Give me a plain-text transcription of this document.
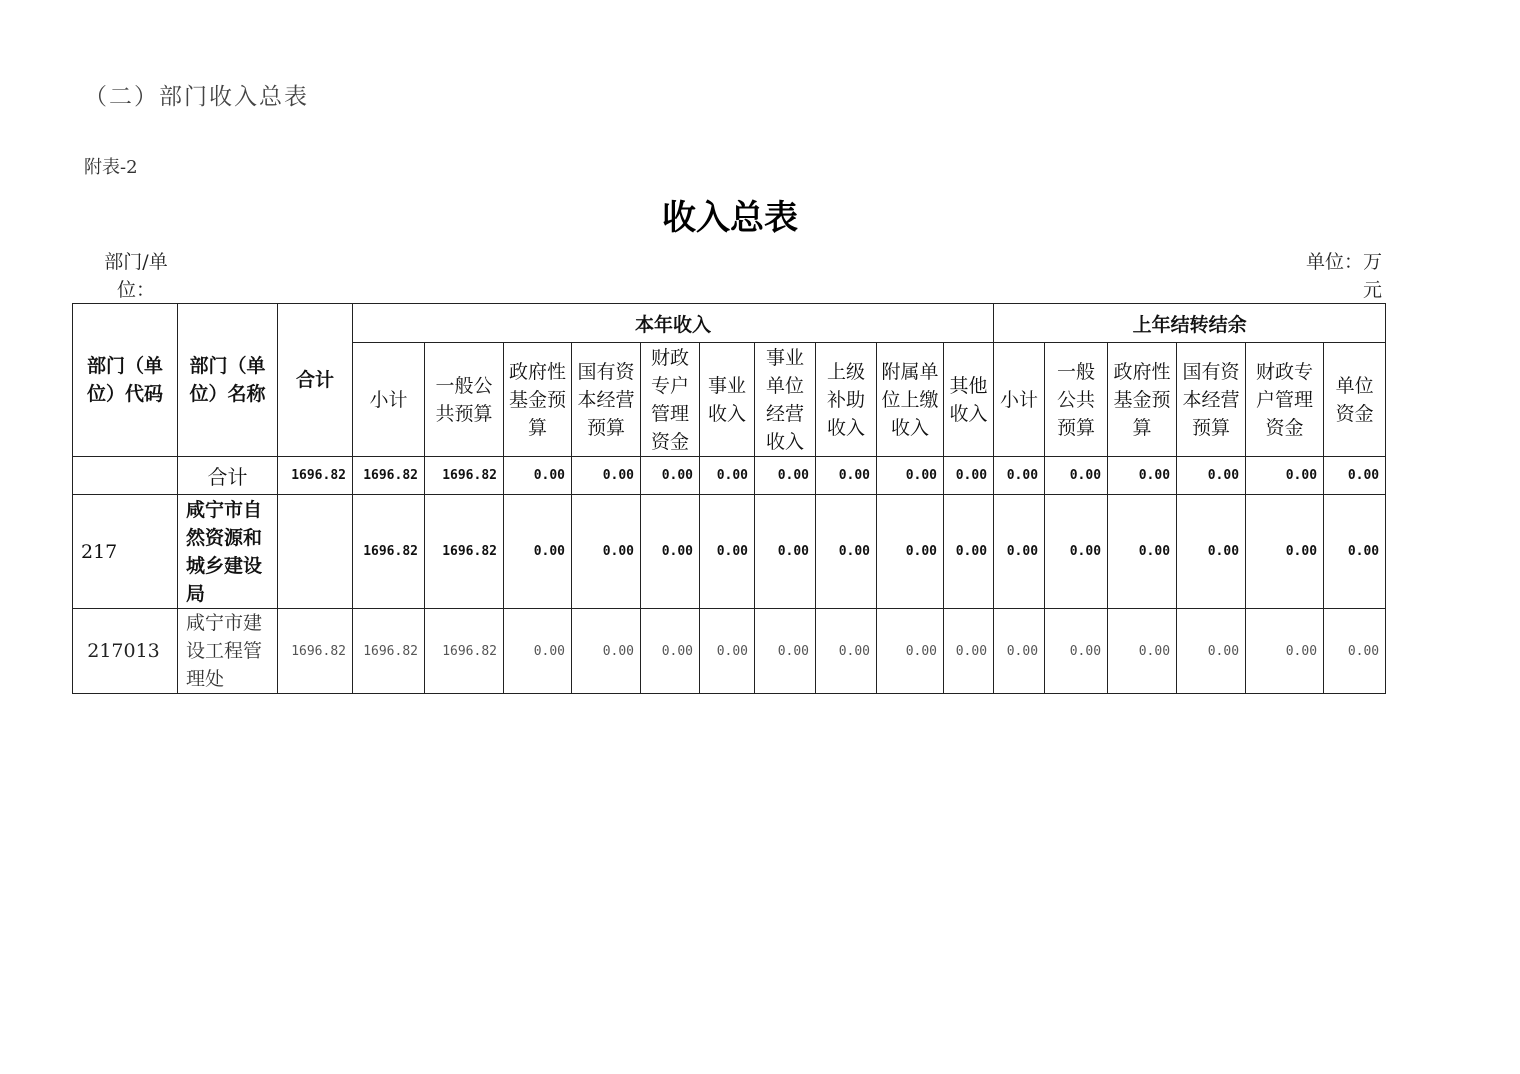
（二）部门收入总表
附表-2
收入总表
部门/单位：
单位：万元
部门（单位）代码	部门（单位）名称	合计	本年收入										上年结转结余					
			小计	一般公共预算	政府性基金预算	国有资本经营预算	财政专户管理资金	事业收入	事业单位经营收入	上级补助收入	附属单位上缴收入	其他收入	小计	一般公共预算	政府性基金预算	国有资本经营预算	财政专户管理资金	单位资金
	合计	1696.82	1696.82	1696.82	0.00	0.00	0.00	0.00	0.00	0.00	0.00	0.00	0.00	0.00	0.00	0.00	0.00	0.00
217	咸宁市自然资源和城乡建设局		1696.82	1696.82	0.00	0.00	0.00	0.00	0.00	0.00	0.00	0.00	0.00	0.00	0.00	0.00	0.00	0.00
217013	咸宁市建设工程管理处	1696.82	1696.82	1696.82	0.00	0.00	0.00	0.00	0.00	0.00	0.00	0.00	0.00	0.00	0.00	0.00	0.00	0.00
